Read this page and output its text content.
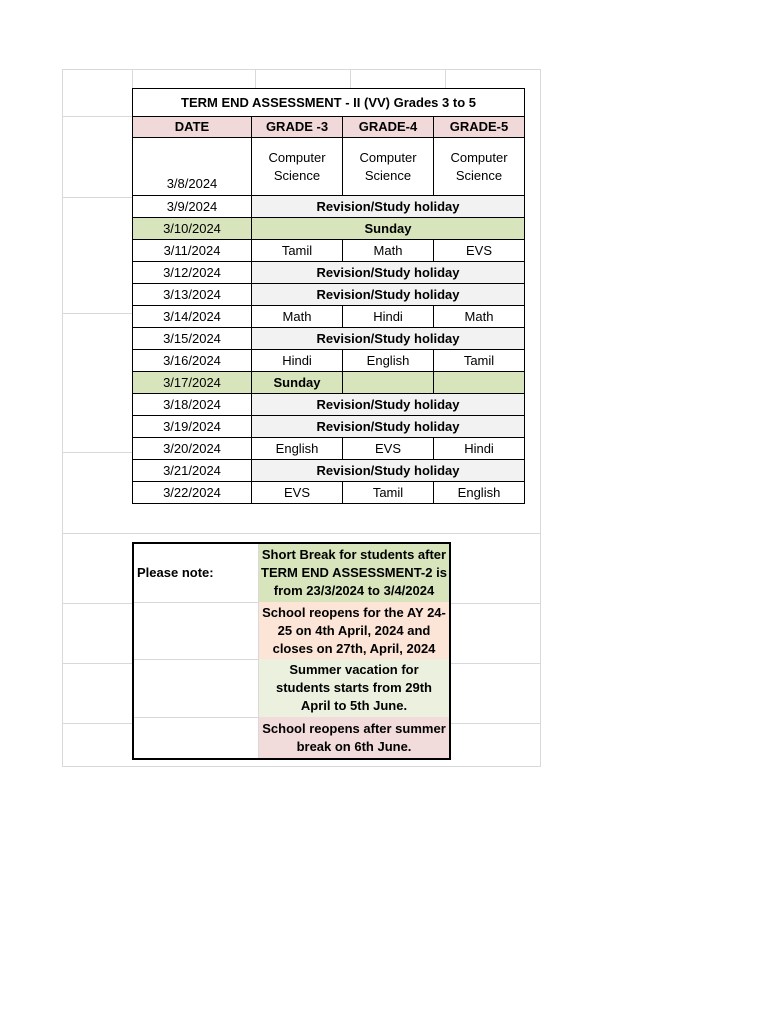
TERM END ASSESSMENT - II (VV) Grades 3 to 5			
DATE	GRADE -3	GRADE-4	GRADE-5
3/8/2024	Computer Science	Computer Science	Computer Science
3/9/2024	Revision/Study holiday		
3/10/2024	Sunday		
3/11/2024	Tamil	Math	EVS
3/12/2024	Revision/Study holiday		
3/13/2024	Revision/Study holiday		
3/14/2024	Math	Hindi	Math
3/15/2024	Revision/Study holiday		
3/16/2024	Hindi	English	Tamil
3/17/2024	Sunday		
3/18/2024	Revision/Study holiday		
3/19/2024	Revision/Study holiday		
3/20/2024	English	EVS	Hindi
3/21/2024	Revision/Study holiday		
3/22/2024	EVS	Tamil	English
Please note:	Short Break for students after TERM END ASSESSMENT-2 is from 23/3/2024 to 3/4/2024
	School reopens for the AY 24-25 on 4th April, 2024 and closes on 27th, April, 2024
	Summer vacation for students starts from 29th April to 5th June.
	School reopens after summer break on 6th June.
